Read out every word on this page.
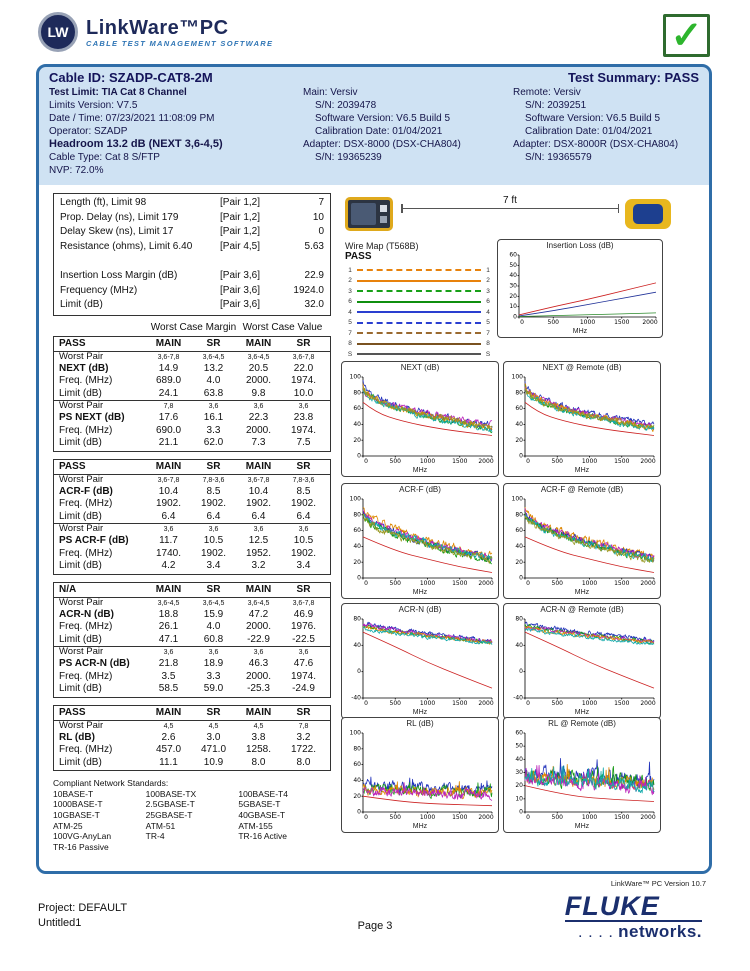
LW LinkWare™PC
CABLE TEST MANAGEMENT SOFTWARE	✓
Cable ID: SZADP-CAT8-2M	Test Summary: PASS
Test Limit: TIA Cat 8 Channel
Limits Version: V7.5
Date / Time: 07/23/2021 11:08:09 PM
Operator: SZADP
Headroom 13.2 dB (NEXT 3,6-4,5)
Cable Type: Cat 8 S/FTP
NVP: 72.0%
Main: Versiv
S/N: 2039478
Software Version: V6.5 Build 5
Calibration Date: 01/04/2021
Adapter: DSX-8000 (DSX-CHA804)
S/N: 19365239
Remote: Versiv
S/N: 2039251
Software Version: V6.5 Build 5
Calibration Date: 01/04/2021
Adapter: DSX-8000R (DSX-CHA804)
S/N: 19365579
Length (ft), Limit 98	[Pair 1,2]	7
Prop. Delay (ns), Limit 179	[Pair 1,2]	10
Delay Skew (ns), Limit 17	[Pair 1,2]	0
Resistance (ohms), Limit 6.40	[Pair 4,5]	5.63

Insertion Loss Margin (dB)	[Pair 3,6]	22.9
Frequency (MHz)	[Pair 3,6]	1924.0
Limit (dB)	[Pair 3,6]	32.0
Worst Case Margin Worst Case Value
PASS	MAIN	SR	MAIN	SR
Worst Pair	3,6-7,8	3,6-4,5	3,6-4,5	3,6-7,8
NEXT (dB)	14.9	13.2	20.5	22.0
Freq. (MHz)	689.0	4.0	2000.	1974.
Limit (dB)	24.1	63.8	9.8	10.0
Worst Pair	7,8	3,6	3,6	3,6
PS NEXT (dB)	17.6	16.1	22.3	23.8
Freq. (MHz)	690.0	3.3	2000.	1974.
Limit (dB)	21.1	62.0	7.3	7.5
PASS	MAIN	SR	MAIN	SR
Worst Pair	3,6-7,8	7,8-3,6	3,6-7,8	7,8-3,6
ACR-F (dB)	10.4	8.5	10.4	8.5
Freq. (MHz)	1902.	1902.	1902.	1902.
Limit (dB)	6.4	6.4	6.4	6.4
Worst Pair	3,6	3,6	3,6	3,6
PS ACR-F (dB)	11.7	10.5	12.5	10.5
Freq. (MHz)	1740.	1902.	1952.	1902.
Limit (dB)	4.2	3.4	3.2	3.4
N/A	MAIN	SR	MAIN	SR
Worst Pair	3,6-4,5	3,6-4,5	3,6-4,5	3,6-7,8
ACR-N (dB)	18.8	15.9	47.2	46.9
Freq. (MHz)	26.1	4.0	2000.	1976.
Limit (dB)	47.1	60.8	-22.9	-22.5
Worst Pair	3,6	3,6	3,6	3,6
PS ACR-N (dB)	21.8	18.9	46.3	47.6
Freq. (MHz)	3.5	3.3	2000.	1974.
Limit (dB)	58.5	59.0	-25.3	-24.9
PASS	MAIN	SR	MAIN	SR
Worst Pair	4,5	4,5	4,5	7,8
RL (dB)	2.6	3.0	3.8	3.2
Freq. (MHz)	457.0	471.0	1258.	1722.
Limit (dB)	11.1	10.9	8.0	8.0
Compliant Network Standards:
10BASE-T
1000BASE-T
10GBASE-T
ATM-25
100VG-AnyLan
TR-16 Passive
100BASE-TX
2.5GBASE-T
25GBASE-T
ATM-51
TR-4
100BASE-T4
5GBASE-T
40GBASE-T
ATM-155
TR-16 Active
7 ft
Wire Map (T568B)
PASS
1	1
2	2
3	3
6	6
4	4
5	5
7	7
8	8
S	S
Insertion Loss (dB)
MHz
NEXT (dB)
MHz
NEXT @ Remote (dB)
MHz
ACR-F (dB)
MHz
ACR-F @ Remote (dB)
MHz
ACR-N (dB)
MHz
ACR-N @ Remote (dB)
MHz
RL (dB)
MHz
RL @ Remote (dB)
MHz
LinkWare™ PC Version 10.7
Project: DEFAULT
Untitled1	Page 3
FLUKE
. . . . networks.
